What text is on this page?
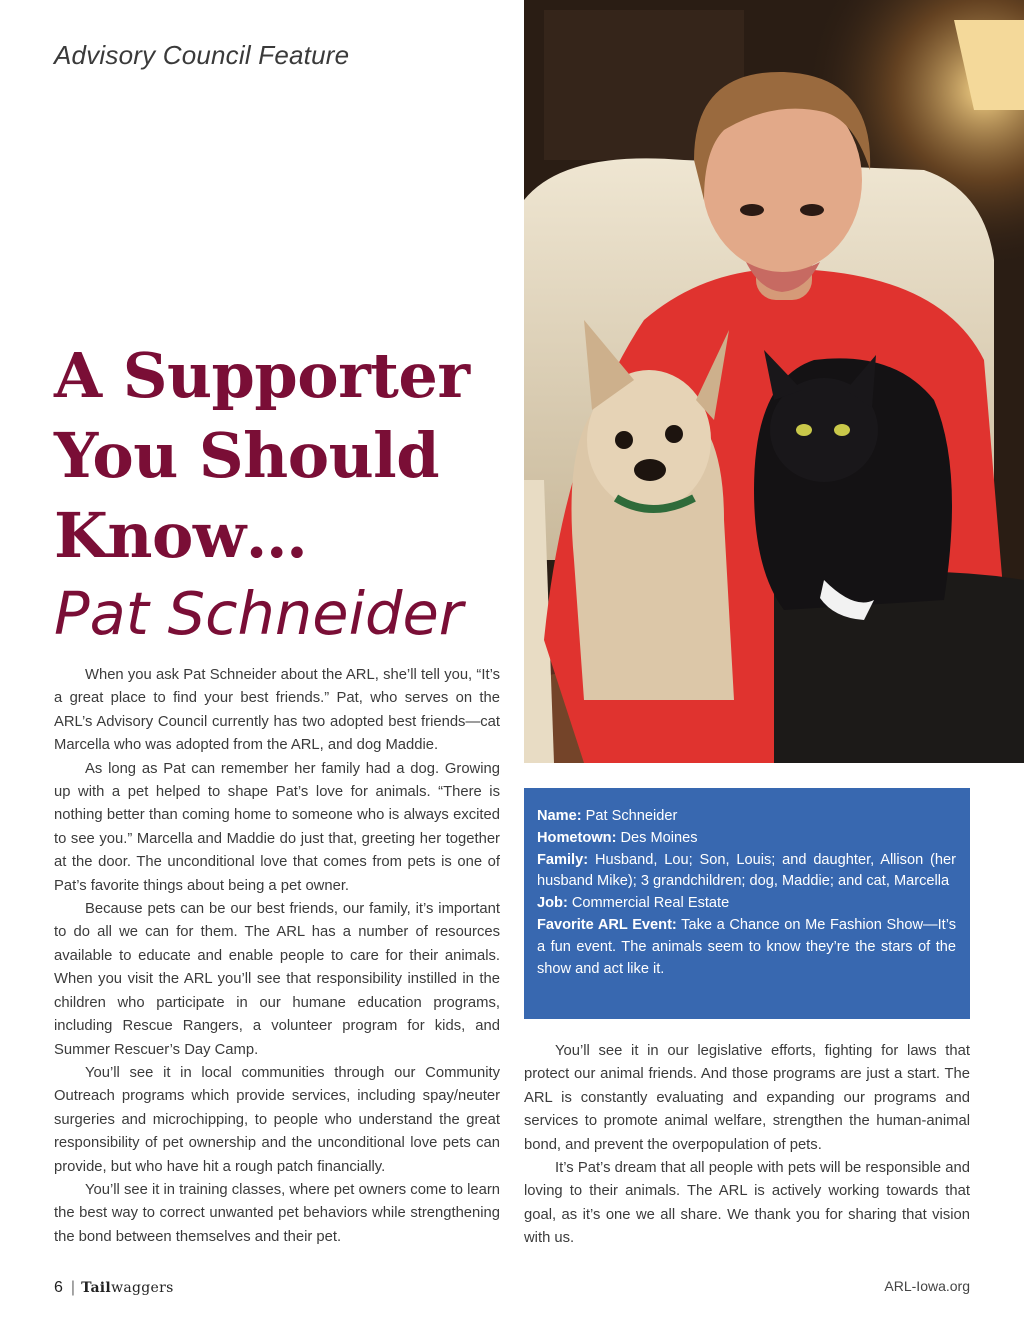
Advisory Council Feature
A Supporter
You Should
Know…
Pat Schneider

When you ask Pat Schneider about the ARL, she’ll tell you, “It’s a great place to find your best friends.” Pat, who serves on the ARL’s Advisory Council currently has two adopted best friends—cat Marcella who was adopted from the ARL, and dog Maddie.

As long as Pat can remember her family had a dog. Growing up with a pet helped to shape Pat’s love for animals. “There is nothing better than coming home to someone who is always excited to see you.” Marcella and Maddie do just that, greeting her together at the door. The unconditional love that comes from pets is one of Pat’s favorite things about being a pet owner.

Because pets can be our best friends, our family, it’s important to do all we can for them. The ARL has a number of resources available to educate and enable people to care for their animals. When you visit the ARL you’ll see that responsibility instilled in the children who participate in our humane education programs, including Rescue Rangers, a volunteer program for kids, and Summer Rescuer’s Day Camp.

You’ll see it in local communities through our Community Outreach programs which provide services, including spay/neuter surgeries and microchipping, to people who understand the great responsibility of pet ownership and the unconditional love pets can provide, but who have hit a rough patch financially.

You’ll see it in training classes, where pet owners come to learn the best way to correct unwanted pet behaviors while strengthening the bond between themselves and their pet.

Name: Pat Schneider

Hometown: Des Moines

Family: Husband, Lou; Son, Louis; and daughter, Allison (her husband Mike); 3 grandchildren; dog, Maddie; and cat, Marcella

Job: Commercial Real Estate

Favorite ARL Event: Take a Chance on Me Fashion Show—It’s a fun event. The animals seem to know they’re the stars of the show and act like it.

You’ll see it in our legislative efforts, fighting for laws that protect our animal friends. And those programs are just a start. The ARL is constantly evaluating and expanding our programs and services to promote animal welfare, strengthen the human-animal bond, and prevent the overpopulation of pets.

It’s Pat’s dream that all people with pets will be responsible and loving to their animals. The ARL is actively working towards that goal, as it’s one we all share. We thank you for sharing that vision with us.

6 | Tailwaggers	ARL-Iowa.org
